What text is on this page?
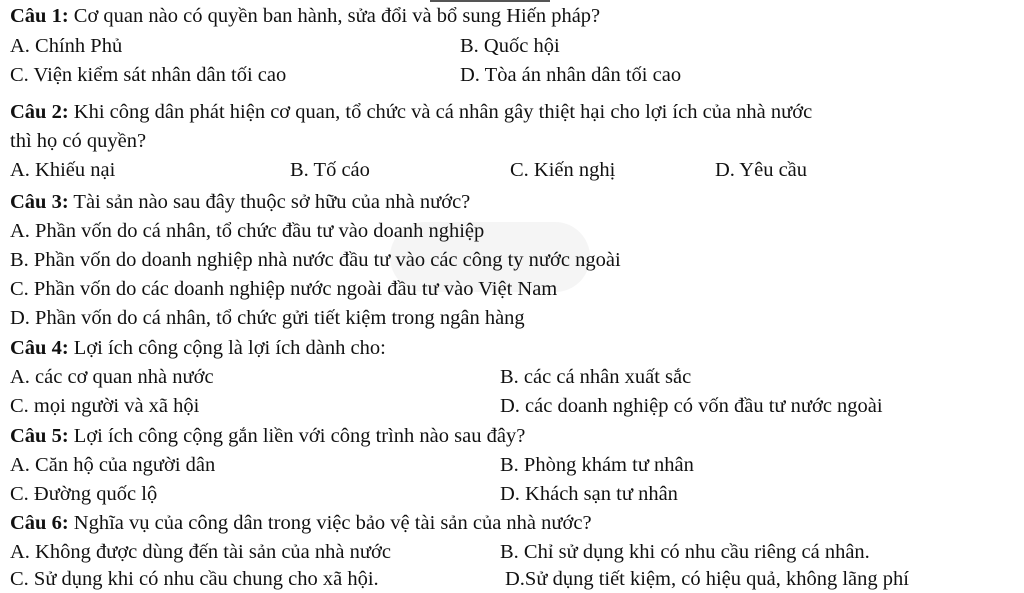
Câu 1: Cơ quan nào có quyền ban hành, sửa đổi và bổ sung Hiến pháp?
A. Chính Phủ	B. Quốc hội
C. Viện kiểm sát nhân dân tối cao	D. Tòa án nhân dân tối cao
Câu 2: Khi công dân phát hiện cơ quan, tổ chức và cá nhân gây thiệt hại cho lợi ích của nhà nước
thì họ có quyền?
A. Khiếu nại	B. Tố cáo	C. Kiến nghị	D. Yêu cầu
Câu 3: Tài sản nào sau đây thuộc sở hữu của nhà nước?
A. Phần vốn do cá nhân, tổ chức đầu tư vào doanh nghiệp
B. Phần vốn do doanh nghiệp nhà nước đầu tư vào các công ty nước ngoài
C. Phần vốn do các doanh nghiệp nước ngoài đầu tư vào Việt Nam
D. Phần vốn do cá nhân, tổ chức gửi tiết kiệm trong ngân hàng
Câu 4: Lợi ích công cộng là lợi ích dành cho:
A. các cơ quan nhà nước	B. các cá nhân xuất sắc
C. mọi người và xã hội	D. các doanh nghiệp có vốn đầu tư nước ngoài
Câu 5: Lợi ích công cộng gắn liền với công trình nào sau đây?
A. Căn hộ của người dân	B. Phòng khám tư nhân
C. Đường quốc lộ	D. Khách sạn tư nhân
Câu 6: Nghĩa vụ của công dân trong việc bảo vệ tài sản của nhà nước?
A. Không được dùng đến tài sản của nhà nước	B. Chỉ sử dụng khi có nhu cầu riêng cá nhân.
C. Sử dụng khi có nhu cầu chung cho xã hội.	D.Sử dụng tiết kiệm, có hiệu quả, không lãng phí
